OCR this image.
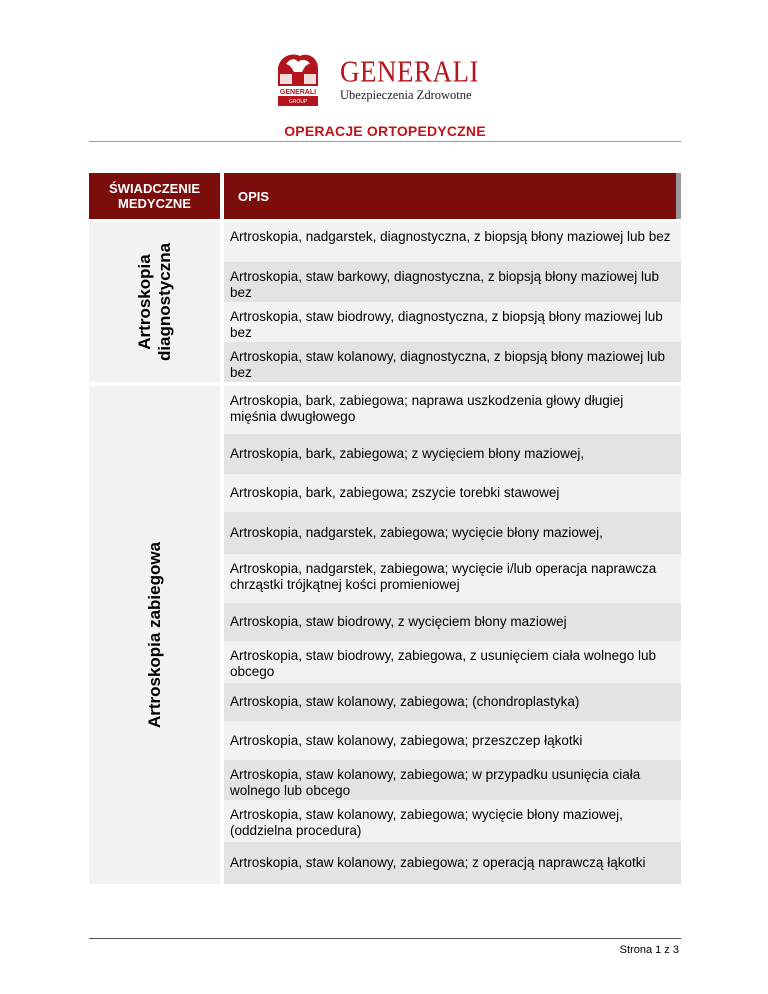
GENERALI
GROUP
GENERALI
Ubezpieczenia Zdrowotne
OPERACJE ORTOPEDYCZNE
ŚWIADCZENIE
MEDYCZNE	OPIS
Artroskopia
diagnostyczna
Artroskopia zabiegowa
Artroskopia, nadgarstek, diagnostyczna, z biopsją błony maziowej lub bez
Artroskopia, staw barkowy, diagnostyczna, z biopsją błony maziowej lub bez
Artroskopia, staw biodrowy, diagnostyczna, z biopsją błony maziowej lub bez
Artroskopia, staw kolanowy, diagnostyczna, z biopsją błony maziowej lub bez
Artroskopia, bark, zabiegowa; naprawa uszkodzenia głowy długiej mięśnia dwugłowego
Artroskopia, bark, zabiegowa; z wycięciem błony maziowej,
Artroskopia, bark, zabiegowa; zszycie torebki stawowej
Artroskopia, nadgarstek, zabiegowa; wycięcie błony maziowej,
Artroskopia, nadgarstek, zabiegowa; wycięcie i/lub operacja naprawcza chrząstki trójkątnej kości promieniowej
Artroskopia, staw biodrowy, z wycięciem błony maziowej
Artroskopia, staw biodrowy, zabiegowa, z usunięciem ciała wolnego lub obcego
Artroskopia, staw kolanowy, zabiegowa; (chondroplastyka)
Artroskopia, staw kolanowy, zabiegowa; przeszczep łąkotki
Artroskopia, staw kolanowy, zabiegowa; w przypadku usunięcia ciała wolnego lub obcego
Artroskopia, staw kolanowy, zabiegowa; wycięcie błony maziowej, (oddzielna procedura)
Artroskopia, staw kolanowy, zabiegowa; z operacją naprawczą łąkotki
Strona 1 z 3
